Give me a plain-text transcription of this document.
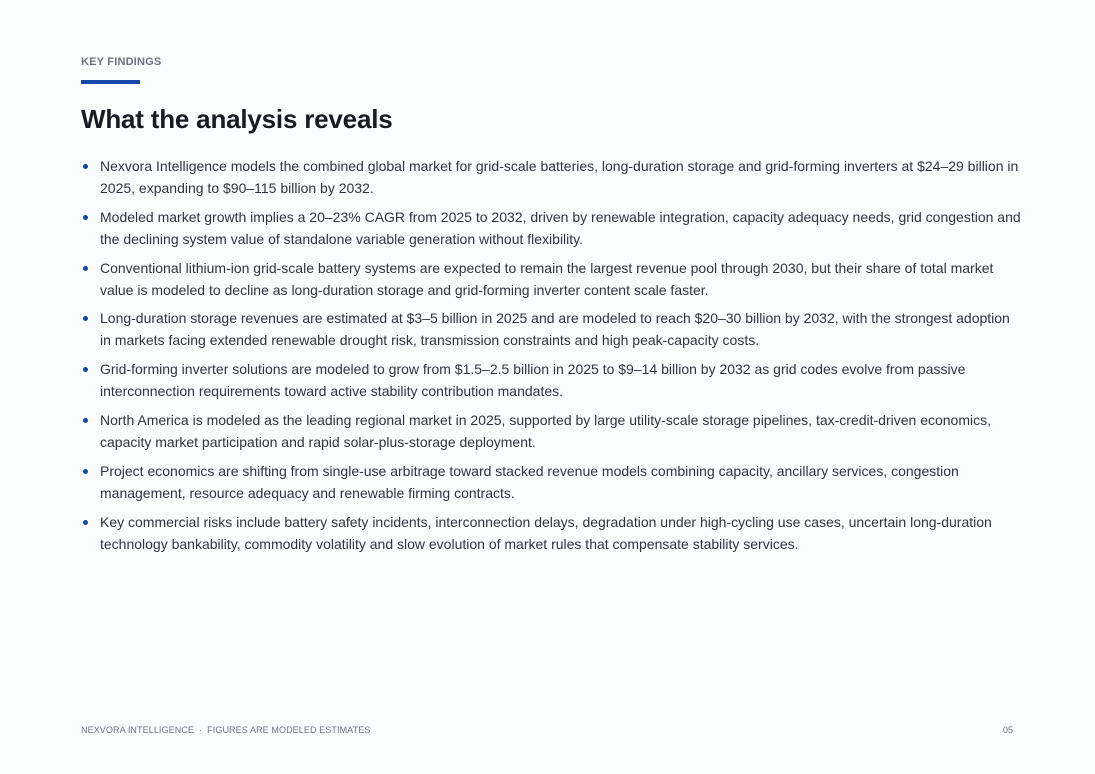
KEY FINDINGS
What the analysis reveals
Nexvora Intelligence models the combined global market for grid-scale batteries, long-duration storage and grid-forming inverters at $24–29 billion in 2025, expanding to $90–115 billion by 2032.
Modeled market growth implies a 20–23% CAGR from 2025 to 2032, driven by renewable integration, capacity adequacy needs, grid congestion and the declining system value of standalone variable generation without flexibility.
Conventional lithium-ion grid-scale battery systems are expected to remain the largest revenue pool through 2030, but their share of total market value is modeled to decline as long-duration storage and grid-forming inverter content scale faster.
Long-duration storage revenues are estimated at $3–5 billion in 2025 and are modeled to reach $20–30 billion by 2032, with the strongest adoption in markets facing extended renewable drought risk, transmission constraints and high peak-capacity costs.
Grid-forming inverter solutions are modeled to grow from $1.5–2.5 billion in 2025 to $9–14 billion by 2032 as grid codes evolve from passive interconnection requirements toward active stability contribution mandates.
North America is modeled as the leading regional market in 2025, supported by large utility-scale storage pipelines, tax-credit-driven economics, capacity market participation and rapid solar-plus-storage deployment.
Project economics are shifting from single-use arbitrage toward stacked revenue models combining capacity, ancillary services, congestion management, resource adequacy and renewable firming contracts.
Key commercial risks include battery safety incidents, interconnection delays, degradation under high-cycling use cases, uncertain long-duration technology bankability, commodity volatility and slow evolution of market rules that compensate stability services.
NEXVORA INTELLIGENCE · FIGURES ARE MODELED ESTIMATES	05
